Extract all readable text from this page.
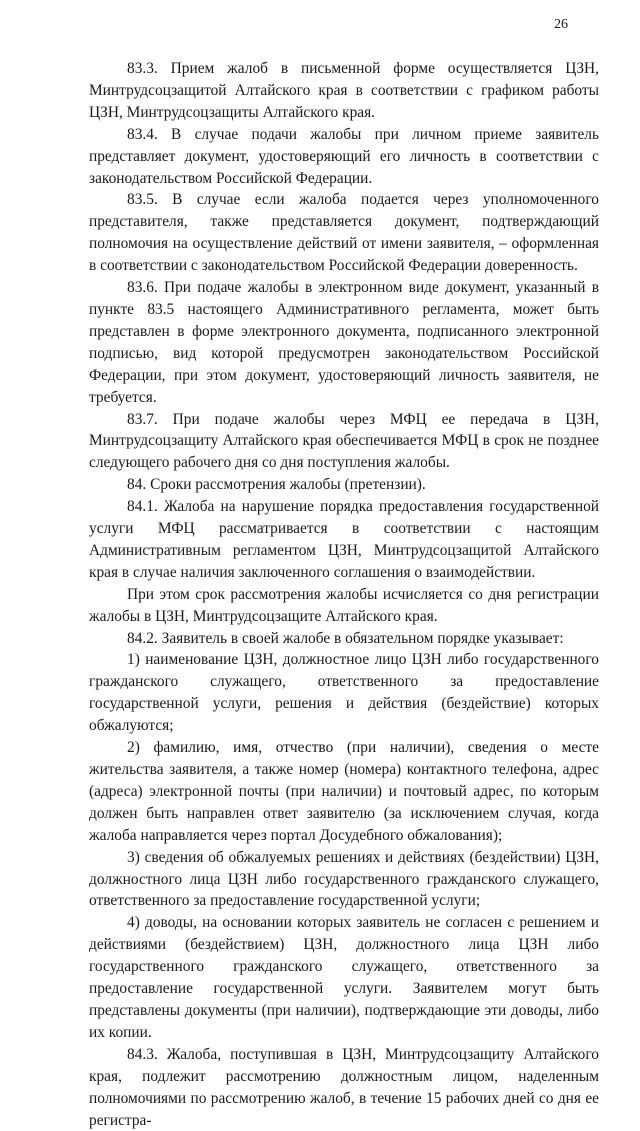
26

83.3. Прием жалоб в письменной форме осуществляется ЦЗН, Минтрудсоцзащитой Алтайского края в соответствии с графиком работы ЦЗН, Минтрудсоцзащиты Алтайского края.

83.4. В случае подачи жалобы при личном приеме заявитель представляет документ, удостоверяющий его личность в соответствии с законодательством Российской Федерации.

83.5. В случае если жалоба подается через уполномоченного представителя, также представляется документ, подтверждающий полномочия на осуществление действий от имени заявителя, – оформленная в соответствии с законодательством Российской Федерации доверенность.

83.6. При подаче жалобы в электронном виде документ, указанный в пункте 83.5 настоящего Административного регламента, может быть представлен в форме электронного документа, подписанного электронной подписью, вид которой предусмотрен законодательством Российской Федерации, при этом документ, удостоверяющий личность заявителя, не требуется.

83.7. При подаче жалобы через МФЦ ее передача в ЦЗН, Минтрудсоцзащиту Алтайского края обеспечивается МФЦ в срок не позднее следующего рабочего дня со дня поступления жалобы.

84. Сроки рассмотрения жалобы (претензии).

84.1. Жалоба на нарушение порядка предоставления государственной услуги МФЦ рассматривается в соответствии с настоящим Административным регламентом ЦЗН, Минтрудсоцзащитой Алтайского края в случае наличия заключенного соглашения о взаимодействии.

При этом срок рассмотрения жалобы исчисляется со дня регистрации жалобы в ЦЗН, Минтрудсоцзащите Алтайского края.

84.2. Заявитель в своей жалобе в обязательном порядке указывает:

1) наименование ЦЗН, должностное лицо ЦЗН либо государственного гражданского служащего, ответственного за предоставление государственной услуги, решения и действия (бездействие) которых обжалуются;

2) фамилию, имя, отчество (при наличии), сведения о месте жительства заявителя, а также номер (номера) контактного телефона, адрес (адреса) электронной почты (при наличии) и почтовый адрес, по которым должен быть направлен ответ заявителю (за исключением случая, когда жалоба направляется через портал Досудебного обжалования);

3) сведения об обжалуемых решениях и действиях (бездействии) ЦЗН, должностного лица ЦЗН либо государственного гражданского служащего, ответственного за предоставление государственной услуги;

4) доводы, на основании которых заявитель не согласен с решением и действиями (бездействием) ЦЗН, должностного лица ЦЗН либо государственного гражданского служащего, ответственного за предоставление государственной услуги. Заявителем могут быть представлены документы (при наличии), подтверждающие эти доводы, либо их копии.

84.3. Жалоба, поступившая в ЦЗН, Минтрудсоцзащиту Алтайского края, подлежит рассмотрению должностным лицом, наделенным полномочиями по рассмотрению жалоб, в течение 15 рабочих дней со дня ее регистра-
